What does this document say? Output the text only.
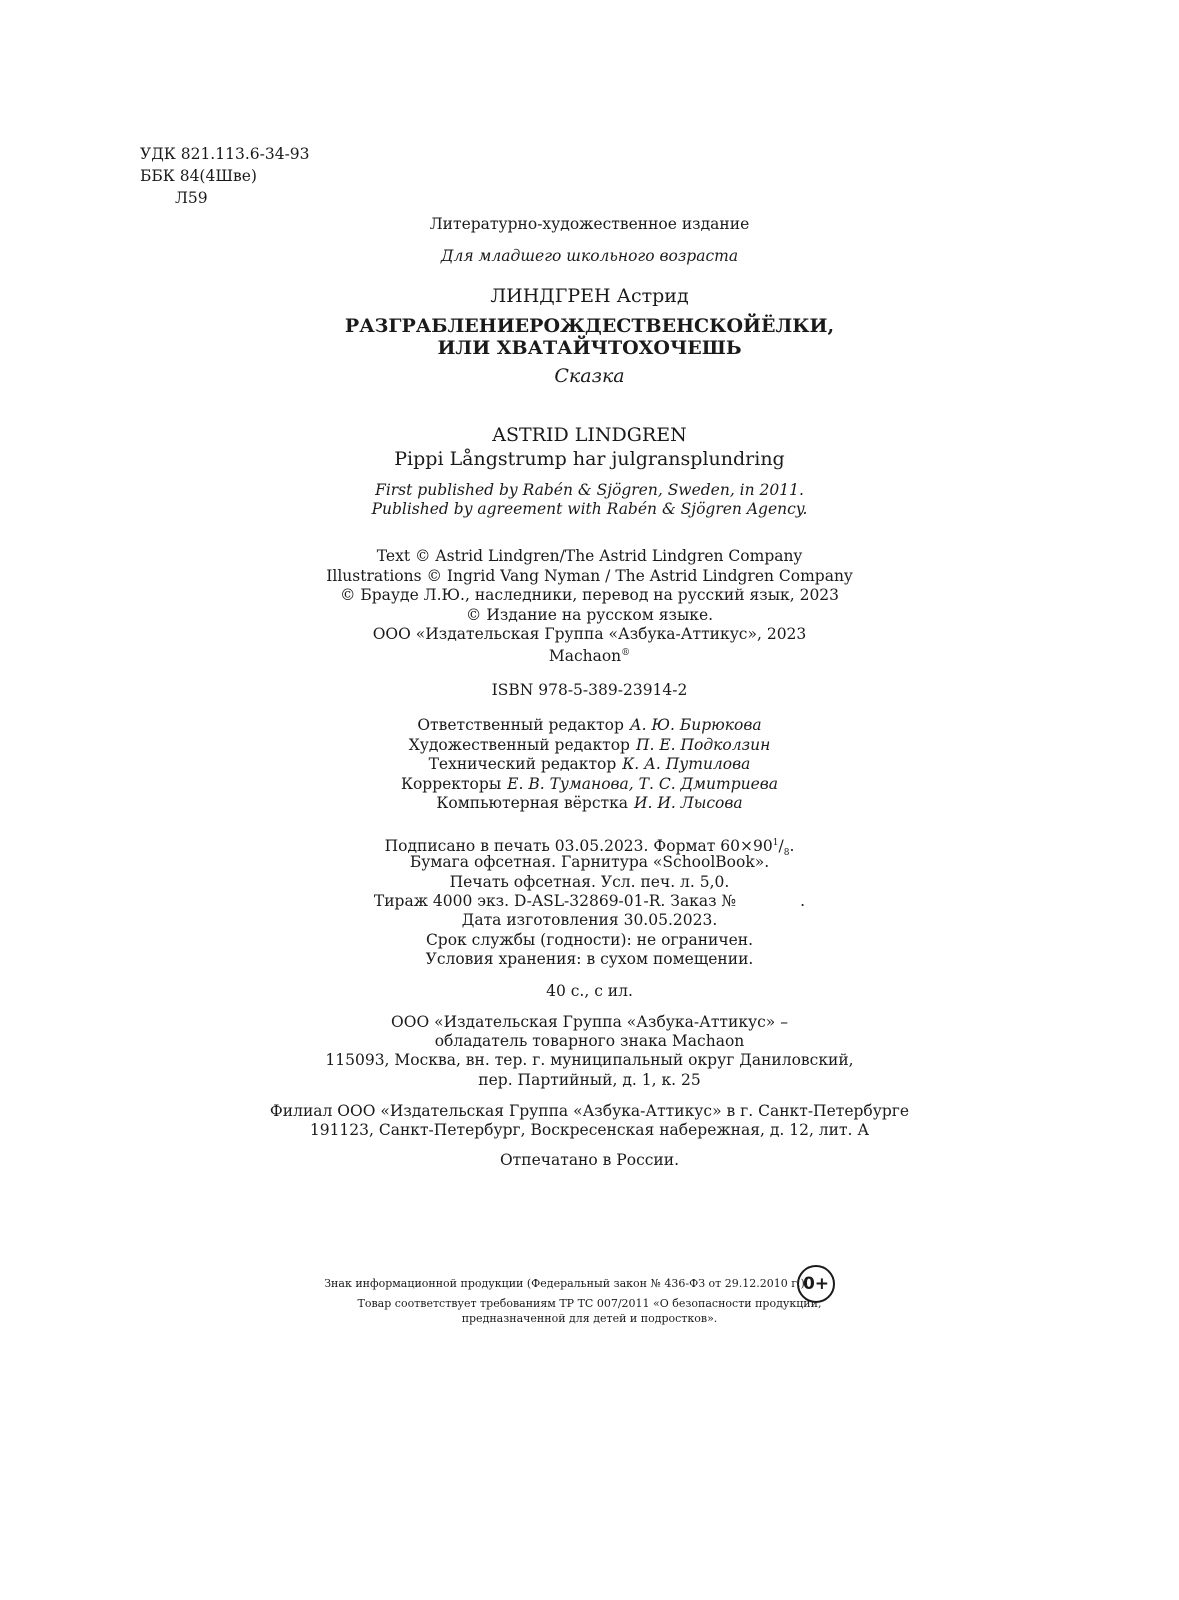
УДК 821.113.6-34-93
ББК 84(4Шве)
Л59
Литературно-художественное издание
Для младшего школьного возраста
ЛИНДГРЕН Астрид
РАЗГРАБЛЕНИЕРОЖДЕСТВЕНСКОЙЁЛКИ,
ИЛИ ХВАТАЙЧТОХОЧЕШЬ
Сказка
ASTRID LINDGREN
Pippi Långstrump har julgransplundring
First published by Rabén & Sjögren, Sweden, in 2011.
Published by agreement with Rabén & Sjögren Agency.
Text © Astrid Lindgren/The Astrid Lindgren Company
Illustrations © Ingrid Vang Nyman / The Astrid Lindgren Company
© Брауде Л.Ю., наследники, перевод на русский язык, 2023
© Издание на русском языке.
ООО «Издательская Группа «Азбука-Аттикус», 2023
Machaon®
ISBN 978-5-389-23914-2
Ответственный редактор А. Ю. Бирюкова
Художественный редактор П. Е. Подколзин
Технический редактор К. А. Путилова
Корректоры Е. В. Туманова, Т. С. Дмитриева
Компьютерная вёрстка И. И. Лысова
Подписано в печать 03.05.2023. Формат $60\times 90^1/_8$.
Бумага офсетная. Гарнитура «SchoolBook».
Печать офсетная. Усл. печ. л. 5,0.
Тираж 4000 экз. D-ASL-32869-01-R. Заказ №	.
Дата изготовления 30.05.2023.
Срок службы (годности): не ограничен.
Условия хранения: в сухом помещении.
40 с., с ил.
ООО «Издательская Группа «Азбука-Аттикус» –
обладатель товарного знака Machaon
115093, Москва, вн. тер. г. муниципальный округ Даниловский,
пер. Партийный, д. 1, к. 25
Филиал ООО «Издательская Группа «Азбука-Аттикус» в г. Санкт-Петербурге
191123, Санкт-Петербург, Воскресенская набережная, д. 12, лит. А
Отпечатано в России.
Знак информационной продукции (Федеральный закон № 436-ФЗ от 29.12.2010 г.)
0+
Товар соответствует требованиям ТР ТС 007/2011 «О безопасности продукции,
предназначенной для детей и подростков».
